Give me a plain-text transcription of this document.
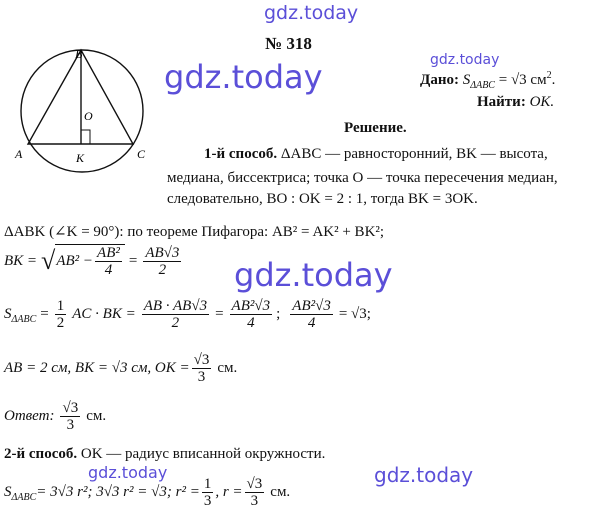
gdz.today
gdz.today	gdz.today
gdz.today
gdz.today	gdz.today
№ 318
B
O
A	K	C
Дано: $S_{\Delta ABC} = √3$ $см^2$.
Найти: OK.
Решение.
1-й способ. ΔABC — равносторонний, BK — высота,
медиана, биссектриса; точка O — точка пересечения медиан, следовательно, BO : OK = 2 : 1, тогда BK = 3OK.
ΔABK (∠K = 90°): по теореме Пифагора: AB² = AK² + BK²;
BK = √ $AB^2 - \frac{\text{AB²}}{4} = \frac{AB√3}{2}$
$S_{\Delta ABC} = \frac{1}{2}$ AC · BK = $\frac{AB \cdot AB√3}{2} = \frac{\text{AB²√3}}{4}$ ; $\frac{\text{AB²√3}}{4} = √3$;
AB = 2 см, BK = √3 см, OK = $\frac{√3}{3}$ см.
Ответ: $\frac{√3}{3}$ см.
2-й способ. OK — радиус вписанной окружности.
$S_{\Delta ABC} = 3√3$ r²; 3√3 r² = √3; $r^2 = \frac{1}{3}$ , $r = \frac{√3}{3}$ см.
